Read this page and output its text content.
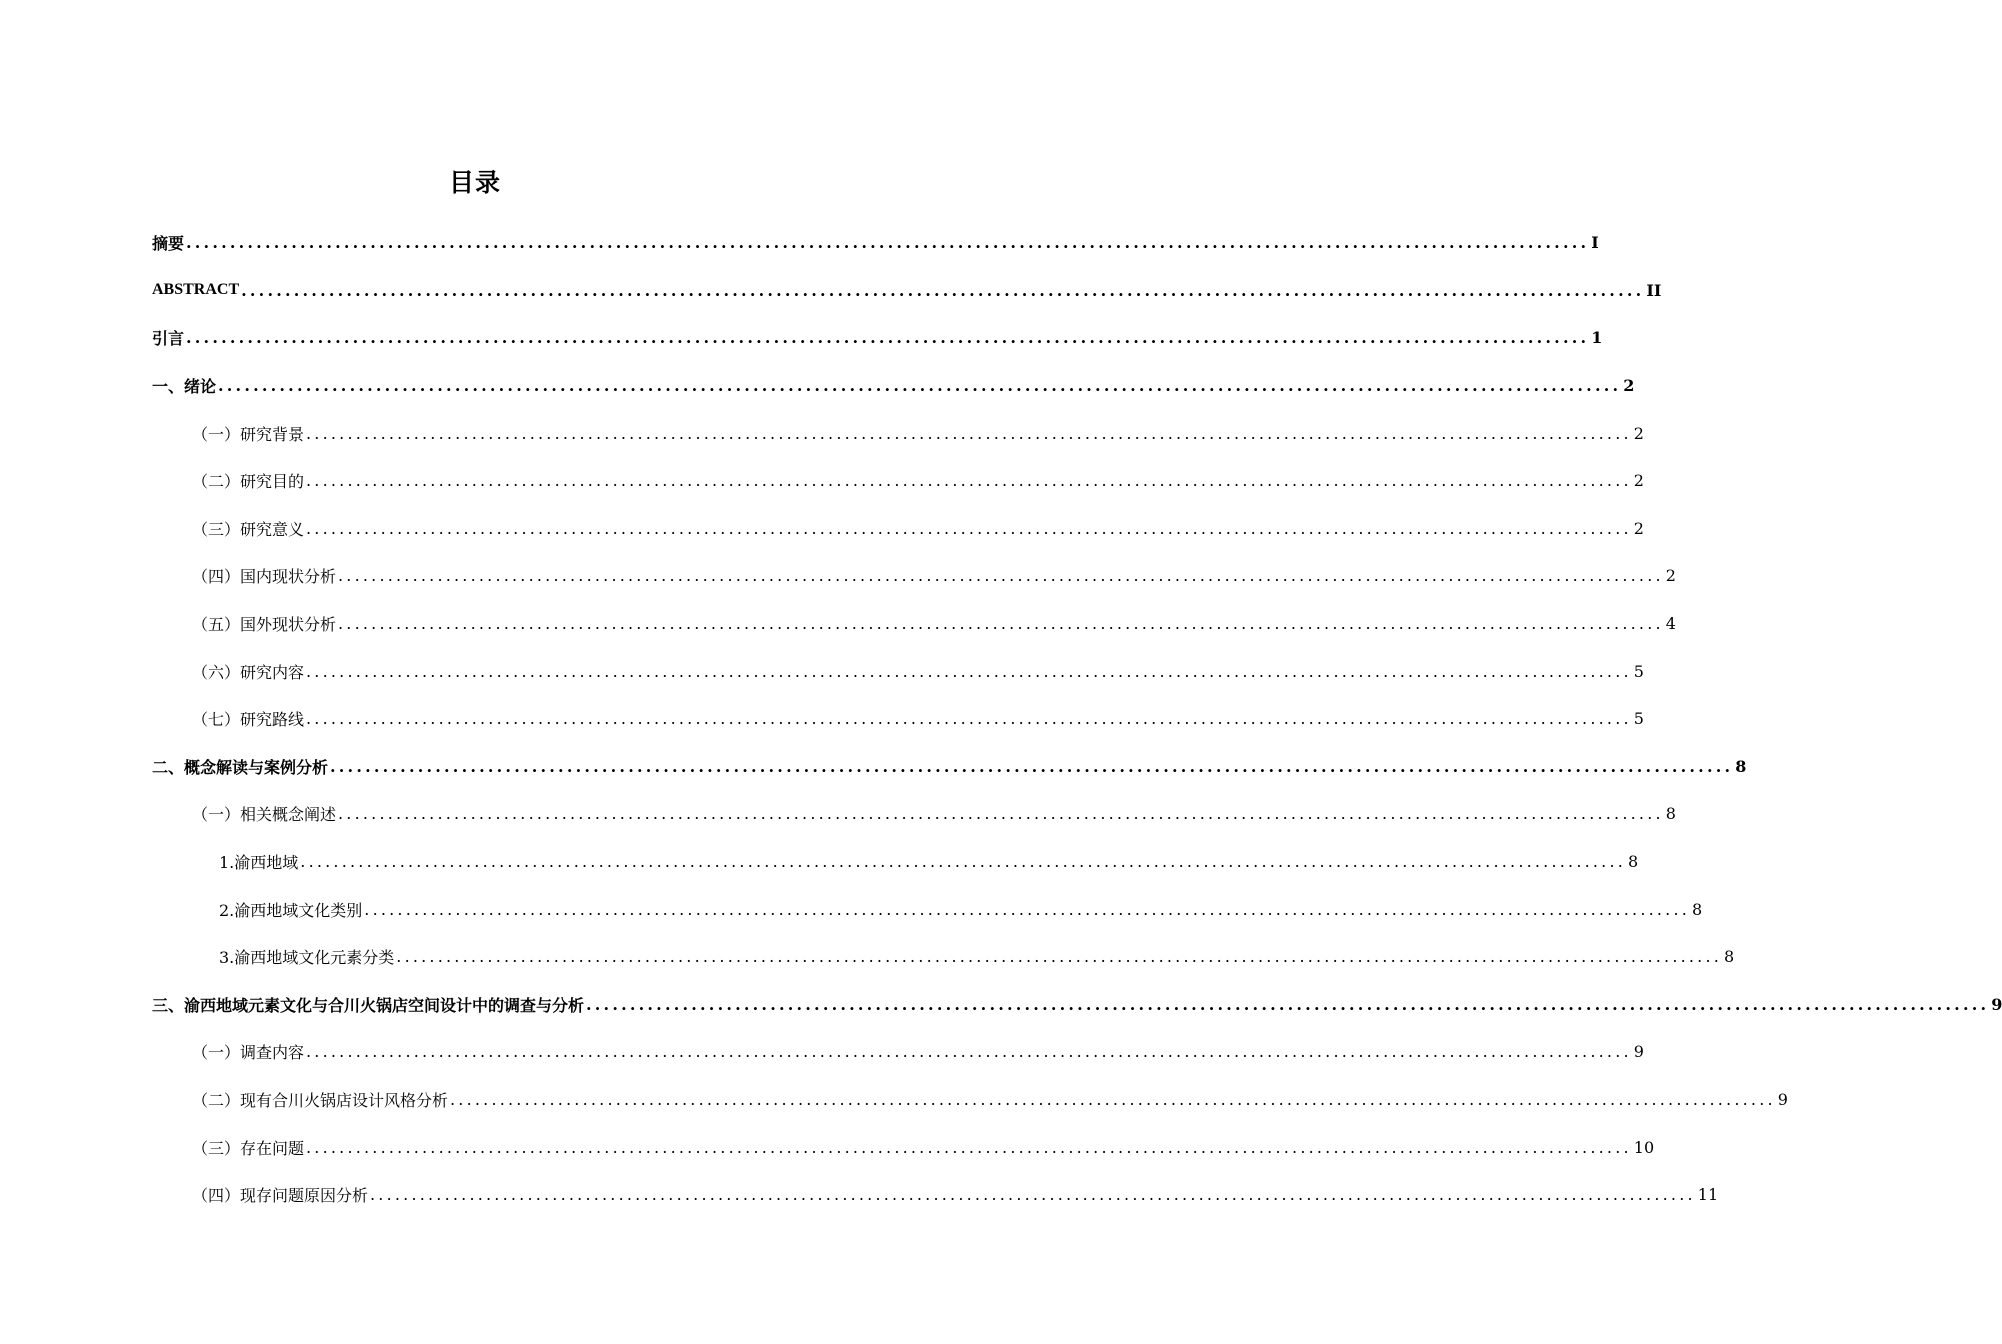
目录
摘要 ................................................................................................................................................................ I
ABSTRACT ................................................................................................................................................................ II
引言 ................................................................................................................................................................ 1
一、绪论 ................................................................................................................................................................ 2
（一）研究背景 ................................................................................................................................................................ 2
（二）研究目的 ................................................................................................................................................................ 2
（三）研究意义 ................................................................................................................................................................ 2
（四）国内现状分析 ................................................................................................................................................................ 2
（五）国外现状分析 ................................................................................................................................................................ 4
（六）研究内容 ................................................................................................................................................................ 5
（七）研究路线 ................................................................................................................................................................ 5
二、概念解读与案例分析 ................................................................................................................................................................ 8
（一）相关概念阐述 ................................................................................................................................................................ 8
1.渝西地域 ................................................................................................................................................................ 8
2.渝西地域文化类别 ................................................................................................................................................................ 8
3.渝西地域文化元素分类 ................................................................................................................................................................ 8
三、渝西地域元素文化与合川火锅店空间设计中的调查与分析 ................................................................................................................................................................ 9
（一）调查内容 ................................................................................................................................................................ 9
（二）现有合川火锅店设计风格分析 ................................................................................................................................................................ 9
（三）存在问题 ................................................................................................................................................................ 10
（四）现存问题原因分析 ................................................................................................................................................................ 11
